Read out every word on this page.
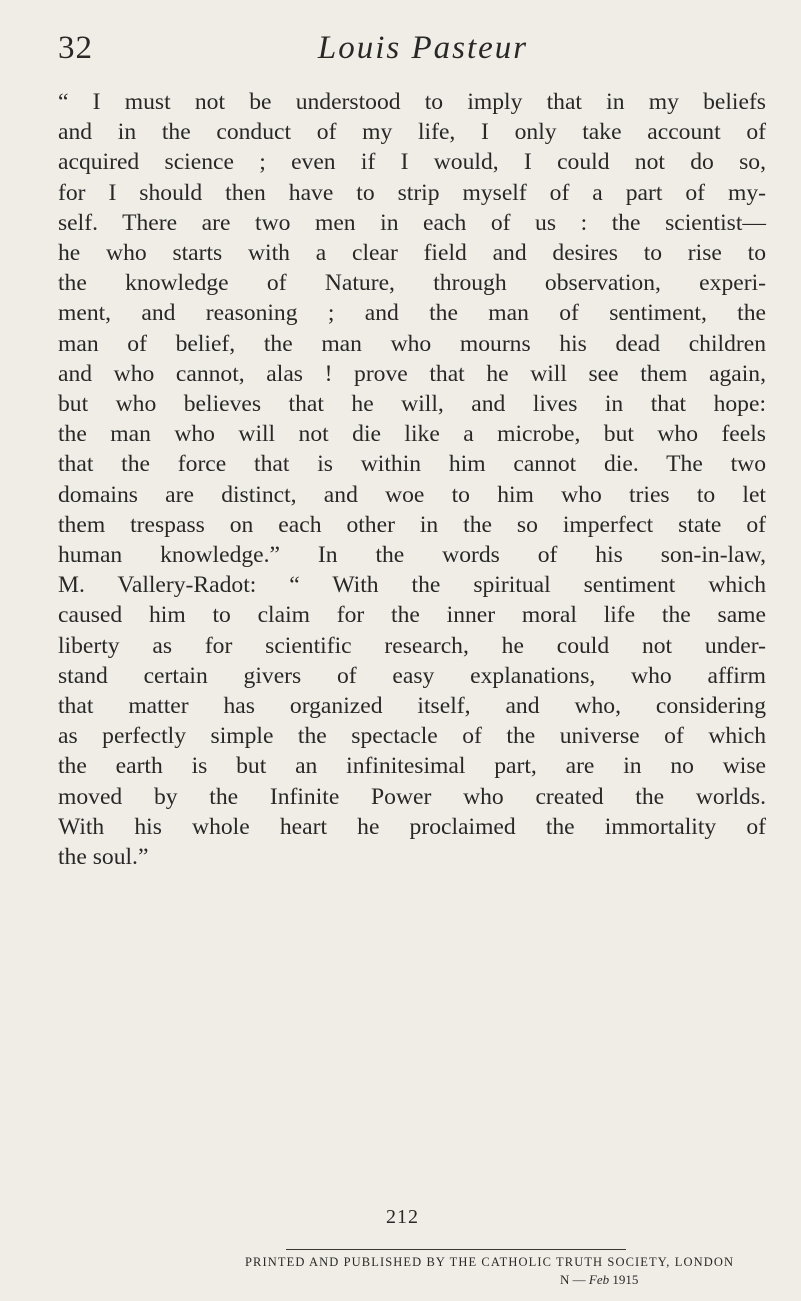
32	Louis Pasteur
“ I must not be understood to imply that in my beliefs
and in the conduct of my life, I only take account of
acquired science ; even if I would, I could not do so,
for I should then have to strip myself of a part of my-
self. There are two men in each of us : the scientist—
he who starts with a clear field and desires to rise to
the knowledge of Nature, through observation, experi-
ment, and reasoning ; and the man of sentiment, the
man of belief, the man who mourns his dead children
and who cannot, alas ! prove that he will see them again,
but who believes that he will, and lives in that hope:
the man who will not die like a microbe, but who feels
that the force that is within him cannot die. The two
domains are distinct, and woe to him who tries to let
them trespass on each other in the so imperfect state of
human knowledge.” In the words of his son-in-law,
M. Vallery-Radot: “ With the spiritual sentiment which
caused him to claim for the inner moral life the same
liberty as for scientific research, he could not under-
stand certain givers of easy explanations, who affirm
that matter has organized itself, and who, considering
as perfectly simple the spectacle of the universe of which
the earth is but an infinitesimal part, are in no wise
moved by the Infinite Power who created the worlds.
With his whole heart he proclaimed the immortality of
the soul.”
212
PRINTED AND PUBLISHED BY THE CATHOLIC TRUTH SOCIETY, LONDON
N — Feb 1915
